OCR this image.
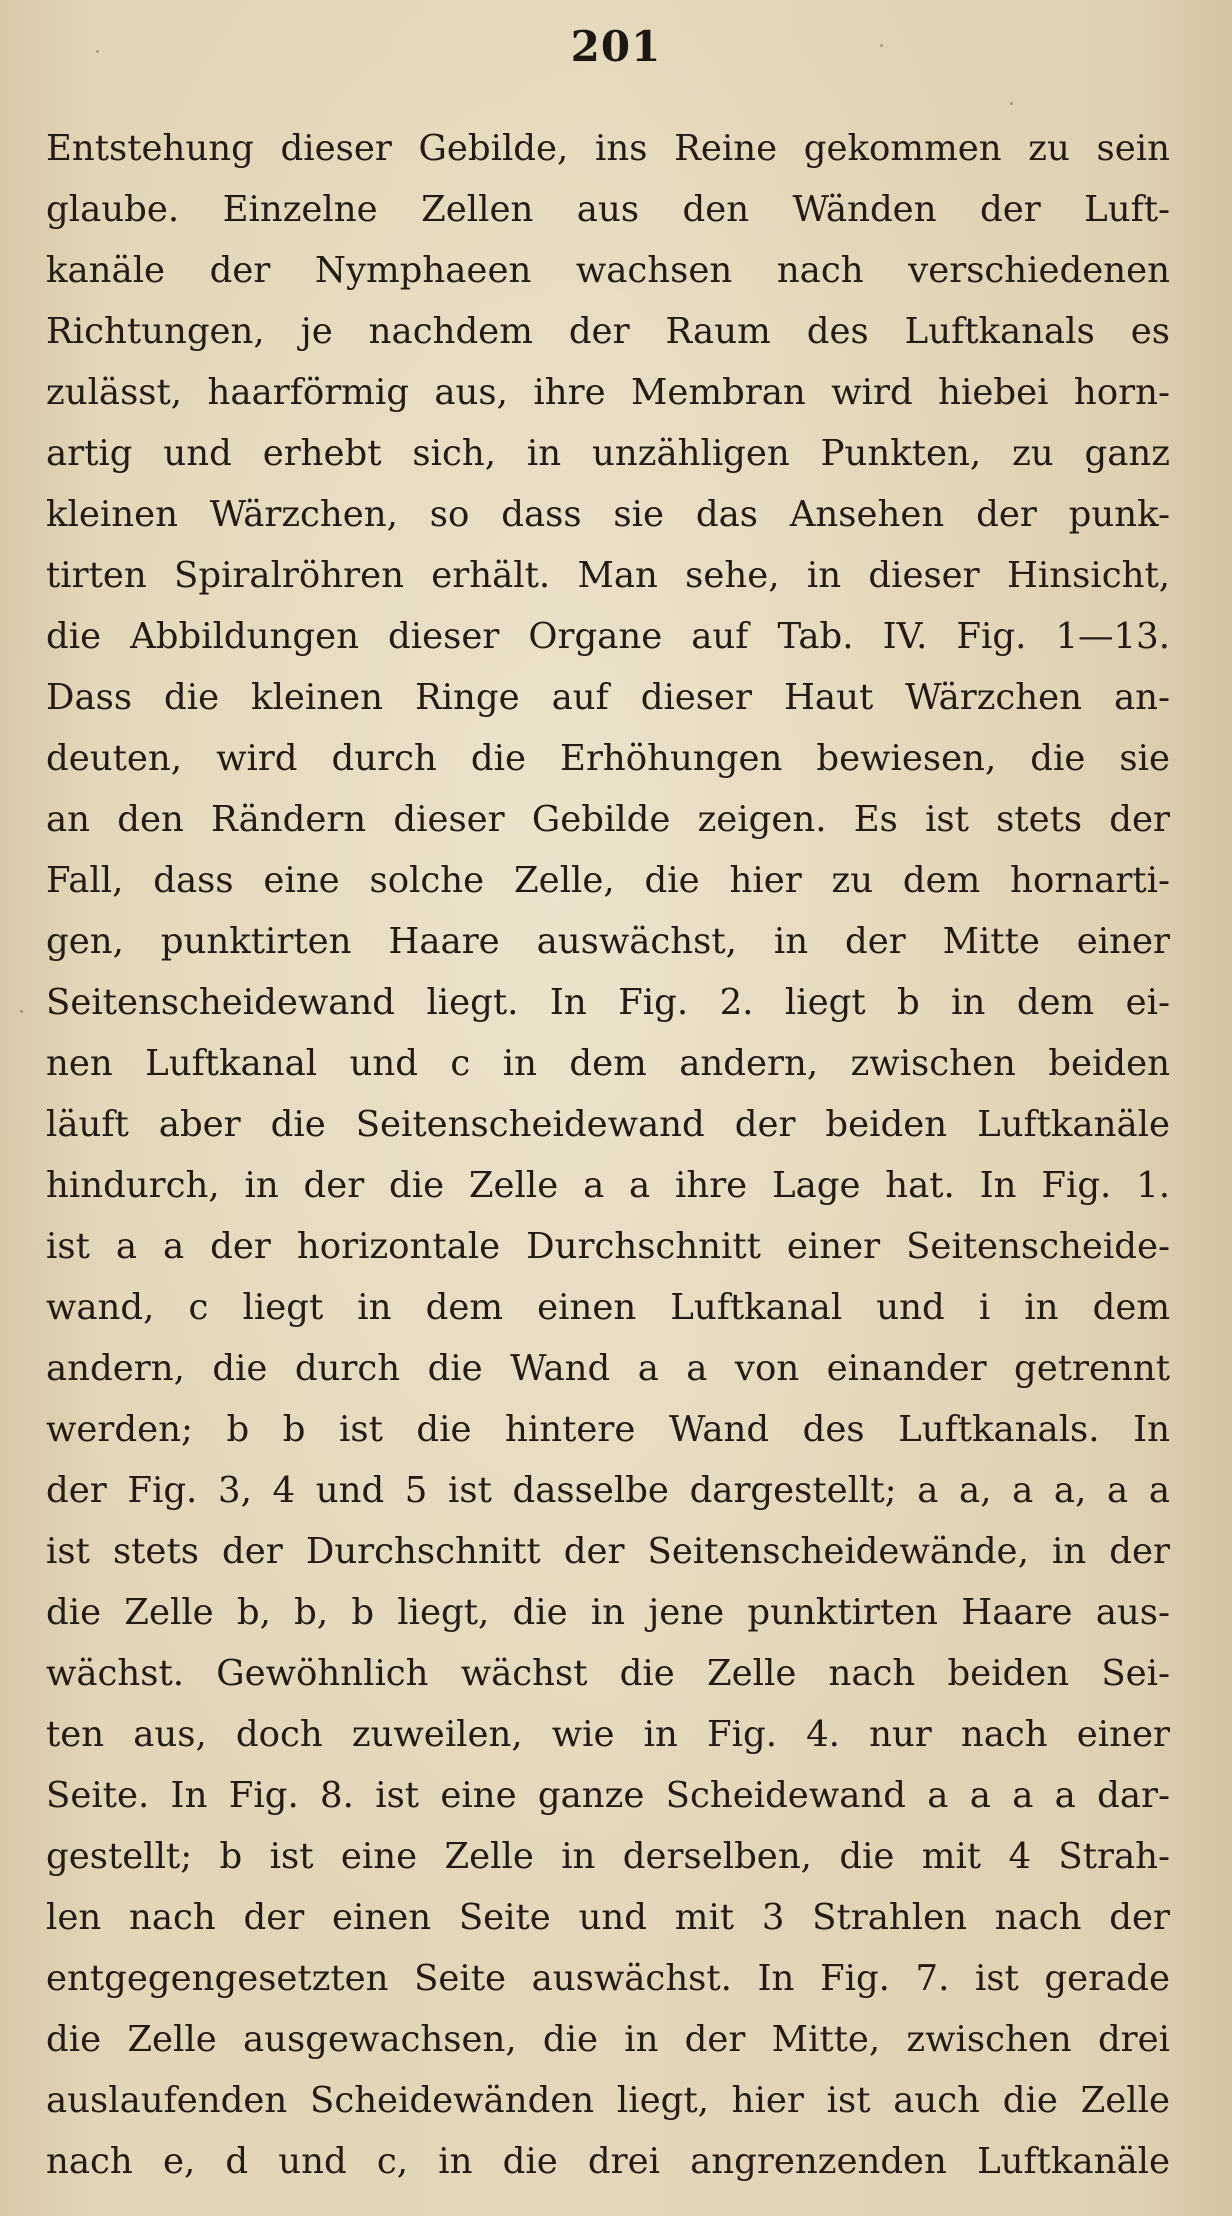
201
Entstehung dieser Gebilde, ins Reine gekommen zu sein
glaube. Einzelne Zellen aus den Wänden der Luft-
kanäle der Nymphaeen wachsen nach verschiedenen
Richtungen, je nachdem der Raum des Luftkanals es
zulässt, haarförmig aus, ihre Membran wird hiebei horn-
artig und erhebt sich, in unzähligen Punkten, zu ganz
kleinen Wärzchen, so dass sie das Ansehen der punk-
tirten Spiralröhren erhält. Man sehe, in dieser Hinsicht,
die Abbildungen dieser Organe auf Tab. IV. Fig. 1—13.
Dass die kleinen Ringe auf dieser Haut Wärzchen an-
deuten, wird durch die Erhöhungen bewiesen, die sie
an den Rändern dieser Gebilde zeigen. Es ist stets der
Fall, dass eine solche Zelle, die hier zu dem hornarti-
gen, punktirten Haare auswächst, in der Mitte einer
Seitenscheidewand liegt. In Fig. 2. liegt b in dem ei-
nen Luftkanal und c in dem andern, zwischen beiden
läuft aber die Seitenscheidewand der beiden Luftkanäle
hindurch, in der die Zelle a a ihre Lage hat. In Fig. 1.
ist a a der horizontale Durchschnitt einer Seitenscheide-
wand, c liegt in dem einen Luftkanal und i in dem
andern, die durch die Wand a a von einander getrennt
werden; b b ist die hintere Wand des Luftkanals. In
der Fig. 3, 4 und 5 ist dasselbe dargestellt; a a, a a, a a
ist stets der Durchschnitt der Seitenscheidewände, in der
die Zelle b, b, b liegt, die in jene punktirten Haare aus-
wächst. Gewöhnlich wächst die Zelle nach beiden Sei-
ten aus, doch zuweilen, wie in Fig. 4. nur nach einer
Seite. In Fig. 8. ist eine ganze Scheidewand a a a a dar-
gestellt; b ist eine Zelle in derselben, die mit 4 Strah-
len nach der einen Seite und mit 3 Strahlen nach der
entgegengesetzten Seite auswächst. In Fig. 7. ist gerade
die Zelle ausgewachsen, die in der Mitte, zwischen drei
auslaufenden Scheidewänden liegt, hier ist auch die Zelle
nach e, d und c, in die drei angrenzenden Luftkanäle
